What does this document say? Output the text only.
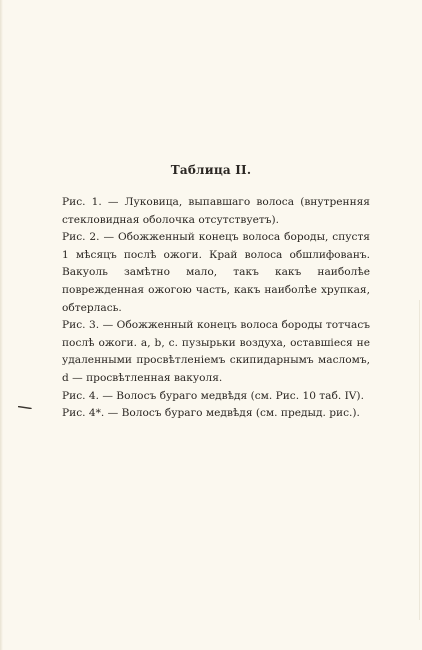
Таблица II.

Рис. 1. — Луковица, выпавшаго волоса (внутренняя стекловидная оболочка отсутствуетъ).

Рис. 2. — Обожженный конецъ волоса бороды, спустя 1 мѣсяцъ послѣ ожоги. Край волоса обшлифованъ. Вакуоль замѣтно мало, такъ какъ наиболѣе поврежденная ожогою часть, какъ наиболѣе хрупкая, обтерлась.

Рис. 3. — Обожженный конецъ волоса бороды тотчасъ послѣ ожоги. a, b, c. пузырьки воздуха, оставшiеся не удаленными просвѣтленiемъ скипидарнымъ масломъ, d — просвѣтленная вакуоля.

Рис. 4. — Волосъ бураго медвѣдя (см. Рис. 10 таб. IV).

Рис. 4*. — Волосъ бураго медвѣдя (см. предыд. рис.).
